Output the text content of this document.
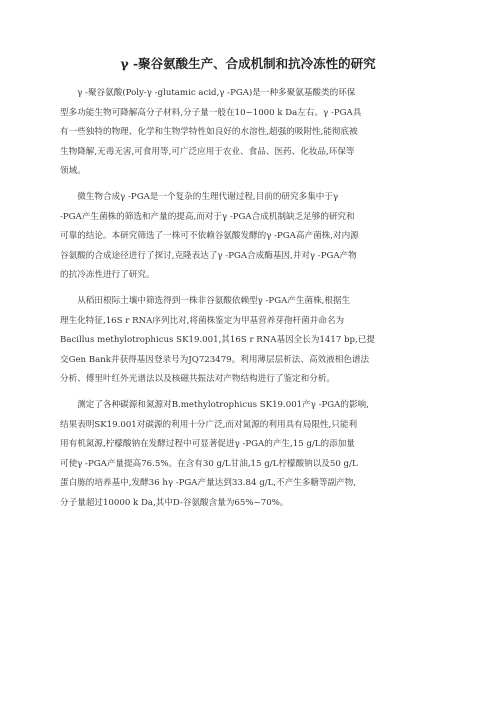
γ -聚谷氨酸生产、合成机制和抗冷冻性的研究

γ -聚谷氨酸(Poly-γ -glutamic acid,γ -PGA)是一种多聚氨基酸类的环保
型多功能生物可降解高分子材料,分子量一般在10~1000 k Da左右。γ -PGA具
有一些独特的物理、化学和生物学特性如良好的水溶性,超强的吸附性,能彻底被
生物降解,无毒无害,可食用等,可广泛应用于农业、食品、医药、化妆品,环保等
领域。

微生物合成γ -PGA是一个复杂的生理代谢过程,目前的研究多集中于γ
-PGA产生菌株的筛选和产量的提高,而对于γ -PGA合成机制缺乏足够的研究和
可靠的结论。本研究筛选了一株可不依赖谷氨酸发酵的γ -PGA高产菌株,对内源
谷氨酸的合成途径进行了探讨,克隆表达了γ -PGA合成酶基因,并对γ -PGA产物
的抗冷冻性进行了研究。

从稻田根际土壤中筛选得到一株非谷氨酸依赖型γ -PGA产生菌株,根据生
理生化特征,16S r RNA序列比对,将菌株鉴定为甲基营养芽孢杆菌并命名为
Bacillus methylotrophicus SK19.001,其16S r RNA基因全长为1417 bp,已提
交Gen Bank并获得基因登录号为JQ723479。利用薄层层析法、高效液相色谱法
分析、傅里叶红外光谱法以及核磁共振法对产物结构进行了鉴定和分析。

测定了各种碳源和氮源对B.methylotrophicus SK19.001产γ -PGA的影响,
结果表明SK19.001对碳源的利用十分广泛,而对氮源的利用具有局限性,只能利
用有机氮源,柠檬酸钠在发酵过程中可显著促进γ -PGA的产生,15 g/L的添加量
可使γ -PGA产量提高76.5%。在含有30 g/L甘油,15 g/L柠檬酸钠以及50 g/L
蛋白胨的培养基中,发酵36 hγ -PGA产量达到33.84 g/L,不产生多糖等副产物,
分子量超过10000 k Da,其中D-谷氨酸含量为65%~70%。
